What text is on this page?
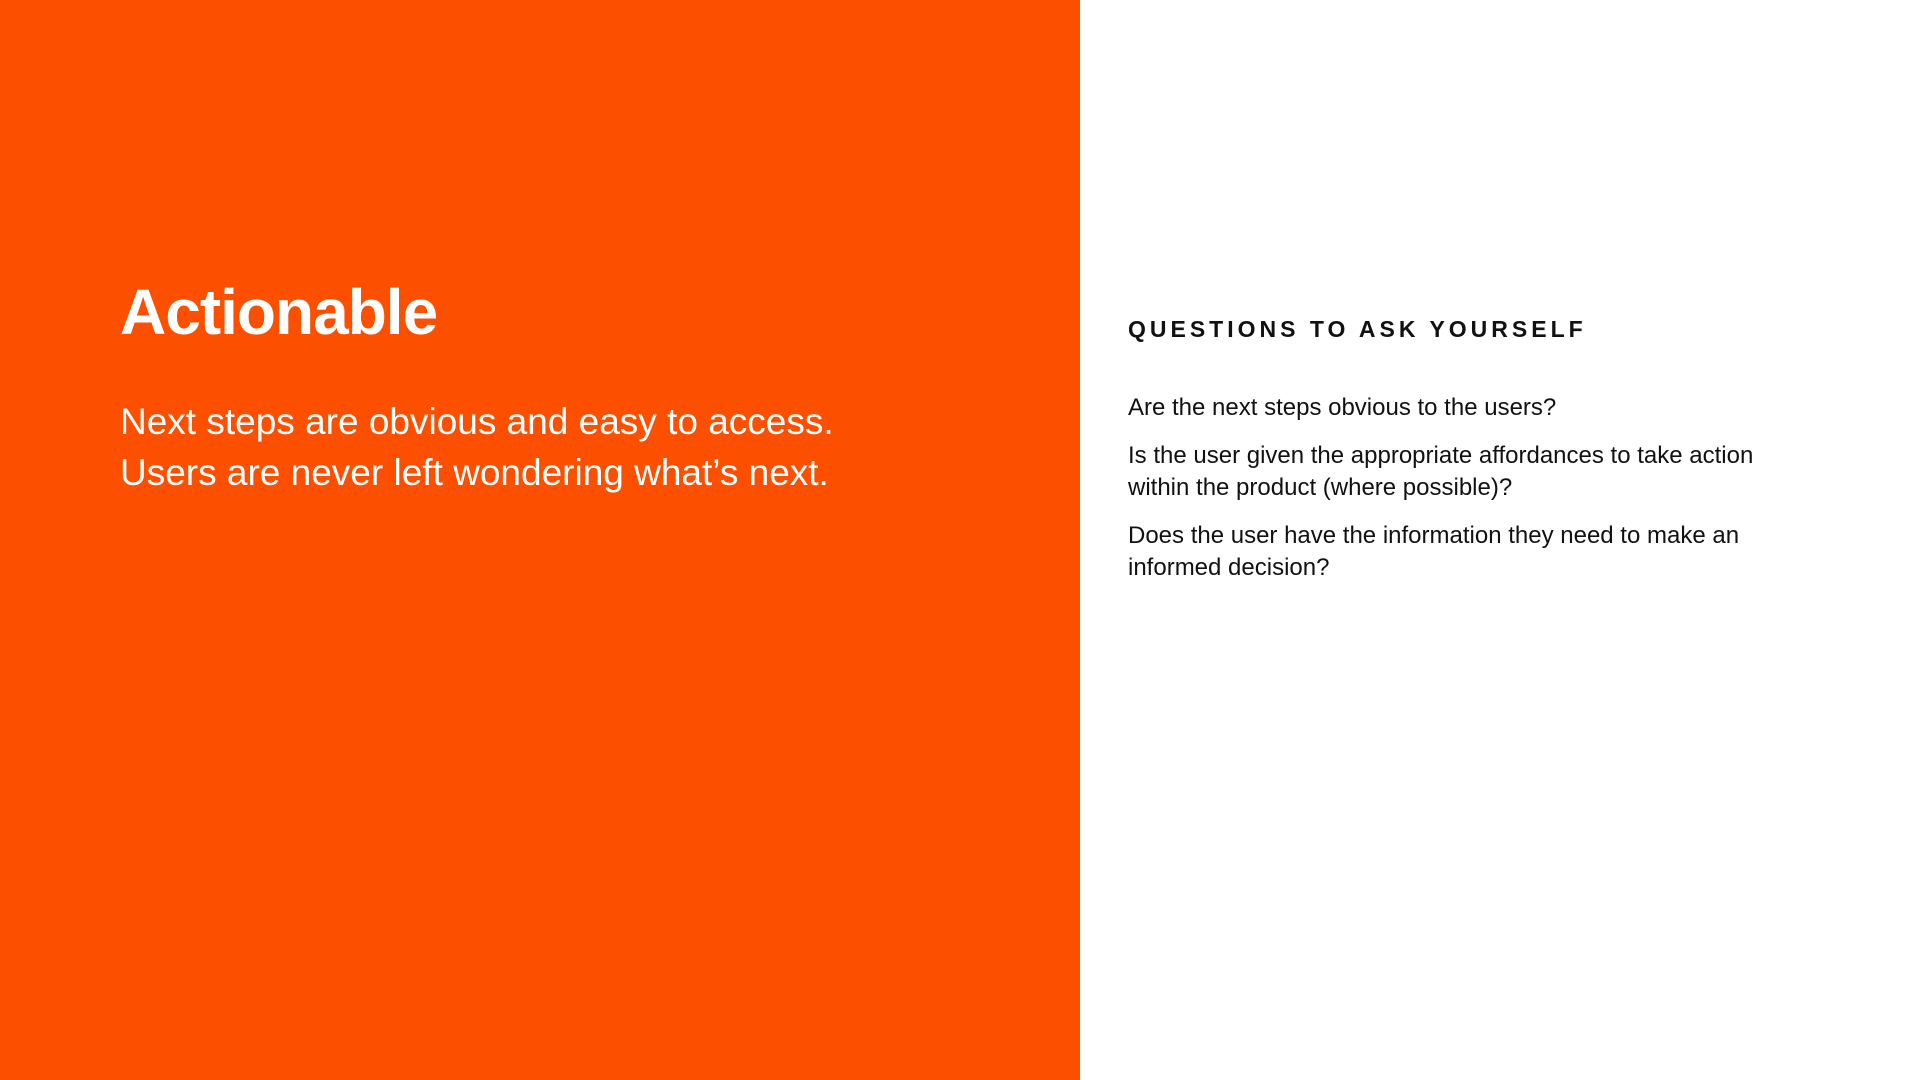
Actionable

Next steps are obvious and easy to access.
Users are never left wondering what’s next.

QUESTIONS TO ASK YOURSELF
Are the next steps obvious to the users?
Is the user given the appropriate affordances to take action within the product (where possible)?
Does the user have the information they need to make an informed decision?
